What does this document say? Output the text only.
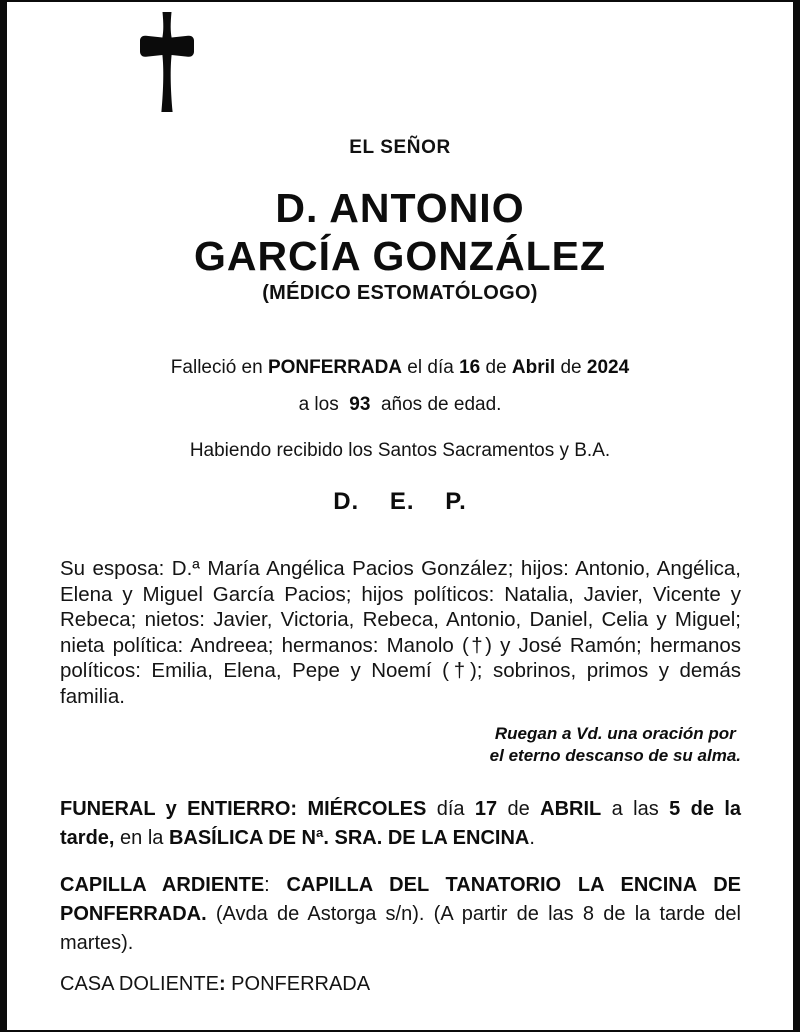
EL SEÑOR
D. ANTONIO
GARCÍA GONZÁLEZ
(MÉDICO ESTOMATÓLOGO)
Falleció en PONFERRADA el día 16 de Abril de 2024
a los  93  años de edad.
Habiendo recibido los Santos Sacramentos y B.A.
D.    E.    P.
Su esposa: D.ª María Angélica Pacios González; hijos: Antonio, Angélica, Elena y Miguel García Pacios; hijos políticos: Natalia, Javier, Vicente y Rebeca; nietos: Javier, Victoria, Rebeca, Antonio, Daniel, Celia y Miguel; nieta política: Andreea; hermanos: Manolo (†) y José Ramón; hermanos políticos: Emilia, Elena, Pepe y Noemí (†); sobrinos, primos y demás familia.
Ruegan a Vd. una oración por
el eterno descanso de su alma.
FUNERAL y ENTIERRO: MIÉRCOLES día 17 de ABRIL a las 5 de la tarde, en la BASÍLICA DE Nª. SRA. DE LA ENCINA.
CAPILLA ARDIENTE: CAPILLA DEL TANATORIO LA ENCINA DE PONFERRADA. (Avda de Astorga s/n). (A partir de las 8 de la tarde del martes).
CASA DOLIENTE: PONFERRADA
